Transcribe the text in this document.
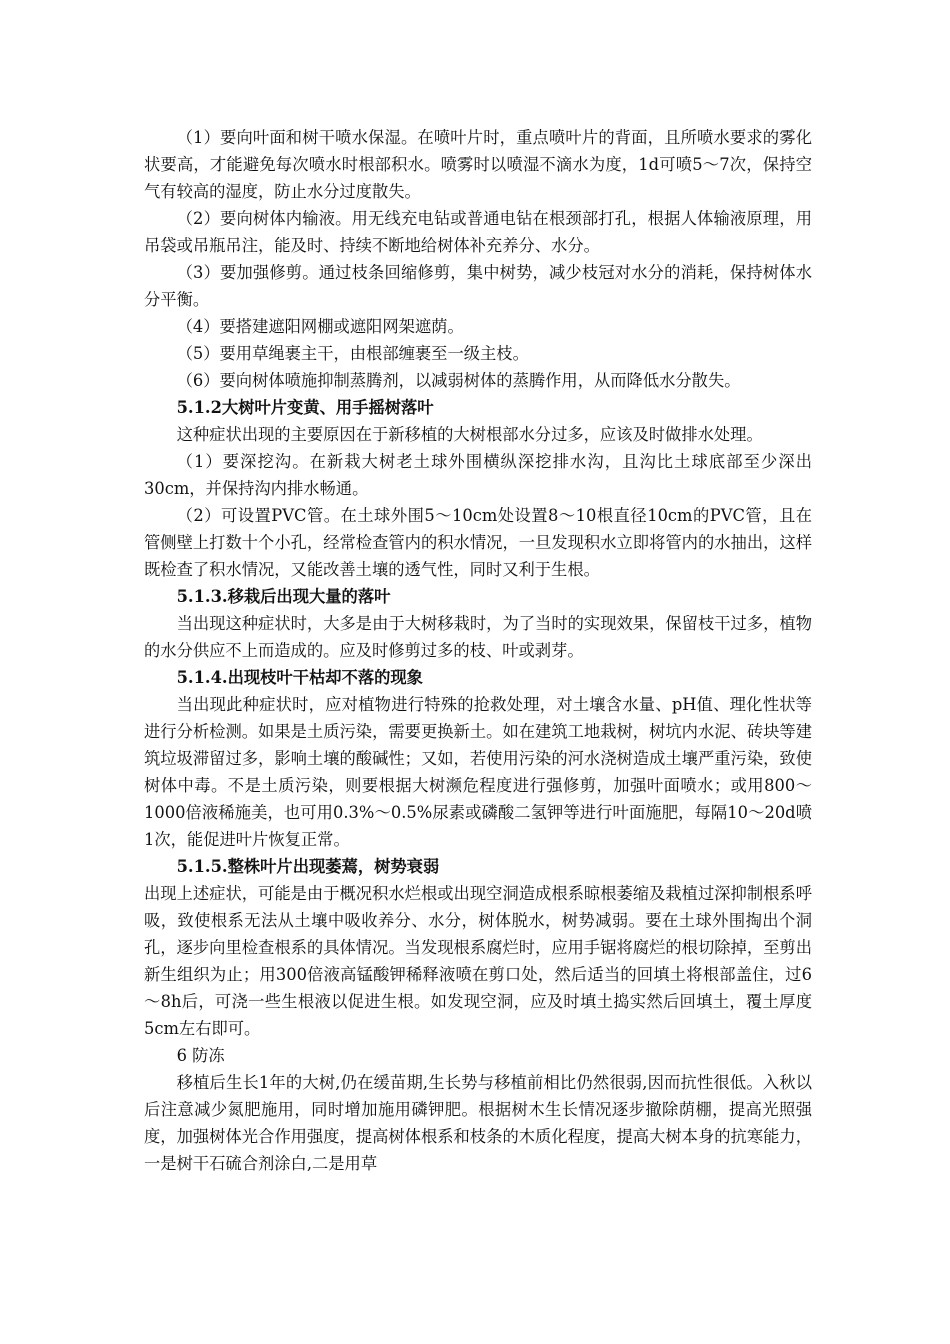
（1）要向叶面和树干喷水保湿。在喷叶片时，重点喷叶片的背面，且所喷水要求的雾化状要高，才能避免每次喷水时根部积水。喷雾时以喷湿不滴水为度，1d可喷5～7次，保持空气有较高的湿度，防止水分过度散失。

（2）要向树体内输液。用无线充电钻或普通电钻在根颈部打孔，根据人体输液原理，用吊袋或吊瓶吊注，能及时、持续不断地给树体补充养分、水分。

（3）要加强修剪。通过枝条回缩修剪，集中树势，减少枝冠对水分的消耗，保持树体水分平衡。

（4）要搭建遮阳网棚或遮阳网架遮荫。

（5）要用草绳裹主干，由根部缠裹至一级主枝。

（6）要向树体喷施抑制蒸腾剂，以减弱树体的蒸腾作用，从而降低水分散失。

5.1.2大树叶片变黄、用手摇树落叶

这种症状出现的主要原因在于新移植的大树根部水分过多，应该及时做排水处理。

（1）要深挖沟。在新栽大树老土球外围横纵深挖排水沟，且沟比土球底部至少深出30cm，并保持沟内排水畅通。

（2）可设置PVC管。在土球外围5～10cm处设置8～10根直径10cm的PVC管，且在管侧壁上打数十个小孔，经常检查管内的积水情况，一旦发现积水立即将管内的水抽出，这样既检查了积水情况，又能改善土壤的透气性，同时又利于生根。

5.1.3.移栽后出现大量的落叶

当出现这种症状时，大多是由于大树移栽时，为了当时的实现效果，保留枝干过多，植物的水分供应不上而造成的。应及时修剪过多的枝、叶或剥芽。

5.1.4.出现枝叶干枯却不落的现象

当出现此种症状时，应对植物进行特殊的抢救处理，对土壤含水量、pH值、理化性状等进行分析检测。如果是土质污染，需要更换新土。如在建筑工地栽树，树坑内水泥、砖块等建筑垃圾滞留过多，影响土壤的酸碱性；又如，若使用污染的河水浇树造成土壤严重污染，致使树体中毒。不是土质污染，则要根据大树濒危程度进行强修剪，加强叶面喷水；或用800～1000倍液稀施美，也可用0.3%～0.5%尿素或磷酸二氢钾等进行叶面施肥，每隔10～20d喷1次，能促进叶片恢复正常。

5.1.5.整株叶片出现萎蔫，树势衰弱

出现上述症状，可能是由于概况积水烂根或出现空洞造成根系晾根萎缩及栽植过深抑制根系呼吸，致使根系无法从土壤中吸收养分、水分，树体脱水，树势减弱。要在土球外围掏出个洞孔，逐步向里检查根系的具体情况。当发现根系腐烂时，应用手锯将腐烂的根切除掉，至剪出新生组织为止；用300倍液高锰酸钾稀释液喷在剪口处，然后适当的回填土将根部盖住，过6～8h后，可浇一些生根液以促进生根。如发现空洞，应及时填土捣实然后回填土，覆土厚度5cm左右即可。

6 防冻

移植后生长1年的大树,仍在缓苗期,生长势与移植前相比仍然很弱,因而抗性很低。入秋以后注意减少氮肥施用，同时增加施用磷钾肥。根据树木生长情况逐步撤除荫棚，提高光照强度，加强树体光合作用强度，提高树体根系和枝条的木质化程度，提高大树本身的抗寒能力，一是树干石硫合剂涂白,二是用草
